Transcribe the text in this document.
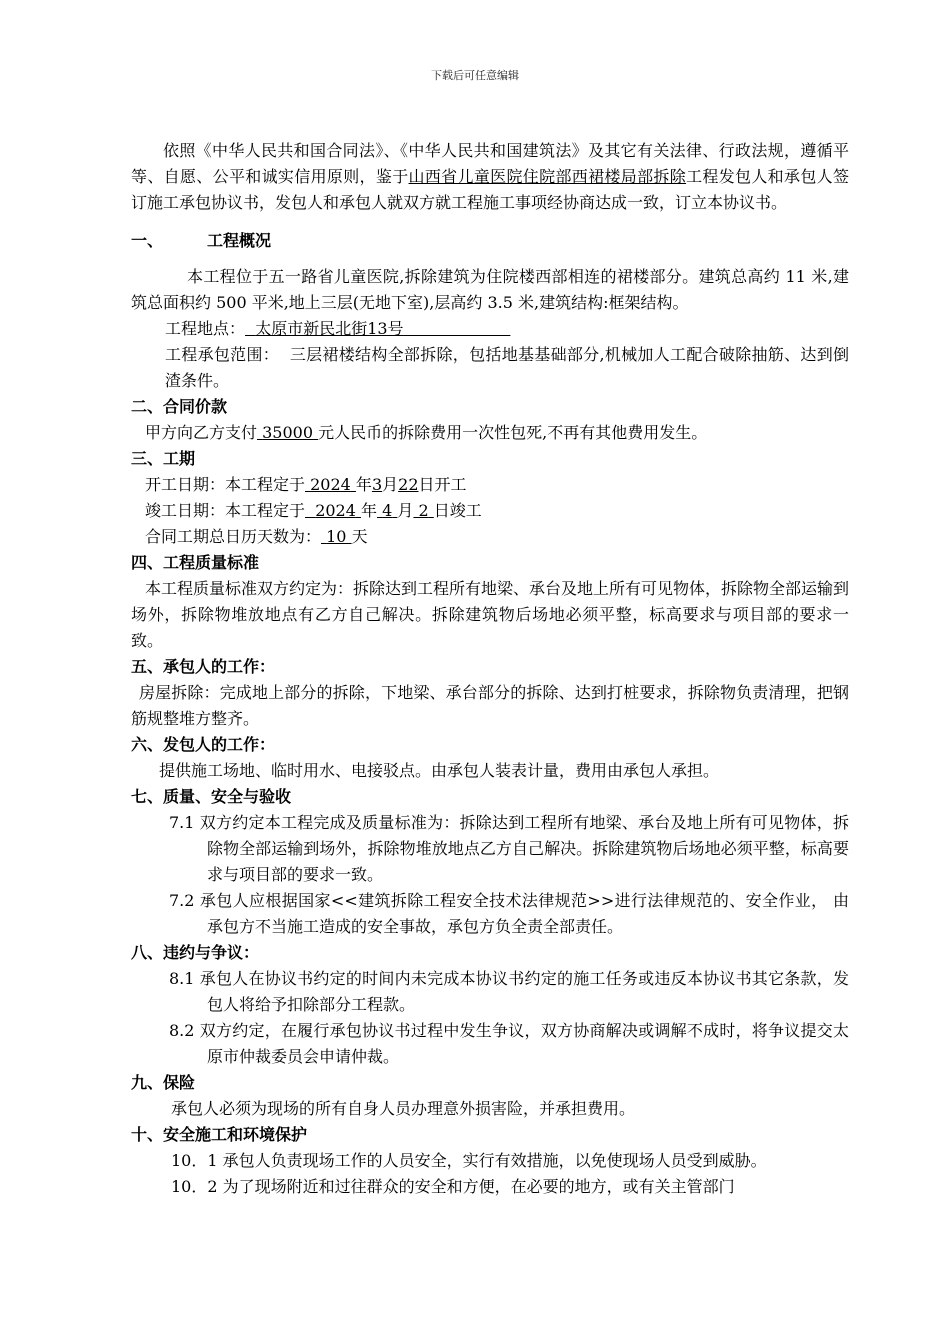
下载后可任意编辑

依照《中华人民共和国合同法》、《中华人民共和国建筑法》及其它有关法律、行政法规，遵循平等、自愿、公平和诚实信用原则，鉴于山西省儿童医院住院部西裙楼局部拆除工程发包人和承包人签订施工承包协议书，发包人和承包人就双方就工程施工事项经协商达成一致，订立本协议书。

一、	工程概况

本工程位于五一路省儿童医院,拆除建筑为住院楼西部相连的裙楼部分。建筑总高约 11 米,建筑总面积约 500 平米,地上三层(无地下室),层高约 3.5 米,建筑结构:框架结构。

工程地点： 太原市新民北街13号

工程承包范围： 三层裙楼结构全部拆除，包括地基基础部分,机械加人工配合破除抽筋、达到倒渣条件。

二、合同价款

甲方向乙方支付 35000 元人民币的拆除费用一次性包死,不再有其他费用发生。

三、工期

开工日期：本工程定于 2024 年3月22日开工

竣工日期：本工程定于 2024 年 4 月 2 日竣工

合同工期总日历天数为： 10 天

四、工程质量标准

本工程质量标准双方约定为：拆除达到工程所有地梁、承台及地上所有可见物体，拆除物全部运输到场外，拆除物堆放地点有乙方自己解决。拆除建筑物后场地必须平整，标高要求与项目部的要求一致。

五、承包人的工作：

房屋拆除：完成地上部分的拆除，下地梁、承台部分的拆除、达到打桩要求，拆除物负责清理，把钢筋规整堆方整齐。

六、发包人的工作：

提供施工场地、临时用水、电接驳点。由承包人装表计量，费用由承包人承担。

七、质量、安全与验收

7.1 双方约定本工程完成及质量标准为：拆除达到工程所有地梁、承台及地上所有可见物体，拆除物全部运输到场外，拆除物堆放地点乙方自己解决。拆除建筑物后场地必须平整，标高要求与项目部的要求一致。

7.2 承包人应根据国家<<建筑拆除工程安全技术法律规范>>进行法律规范的、安全作业， 由承包方不当施工造成的安全事故，承包方负全责全部责任。

八、违约与争议：

8.1 承包人在协议书约定的时间内未完成本协议书约定的施工任务或违反本协议书其它条款，发包人将给予扣除部分工程款。

8.2 双方约定，在履行承包协议书过程中发生争议，双方协商解决或调解不成时，将争议提交太原市仲裁委员会申请仲裁。

九、保险

承包人必须为现场的所有自身人员办理意外损害险，并承担费用。

十、安全施工和环境保护

10．1 承包人负责现场工作的人员安全，实行有效措施，以免使现场人员受到威胁。

10．2 为了现场附近和过往群众的安全和方便，在必要的地方，或有关主管部门
